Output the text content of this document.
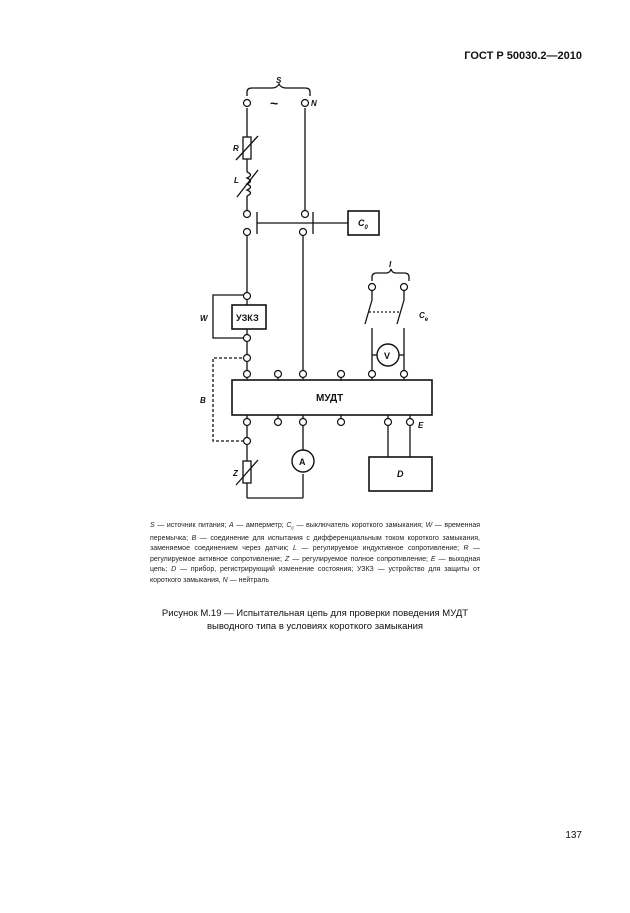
ГОСТ Р 50030.2—2010
S
~	N
R
L
$C_0$
I
$C_e$
W	УЗКЗ
B
V
МУДТ
E
Z
A
D
S — источник питания; A — амперметр; $C_c$ — выключатель короткого замыкания; W — временная перемычка; B — соединение для испытания с дифференциальным током короткого замыкания, заменяемое соединением через датчик; L — регулируемое индуктивное сопротивление; R — регулируемое активное сопротивление; Z — регулируемое полное сопротивление; E — выходная цепь; D — прибор, регистрирующий изменение состояния; УЗКЗ — устройство для защиты от короткого замыкания, N — нейтраль
Рисунок М.19 — Испытательная цепь для проверки поведения МУДТ
выводного типа в условиях короткого замыкания
137
